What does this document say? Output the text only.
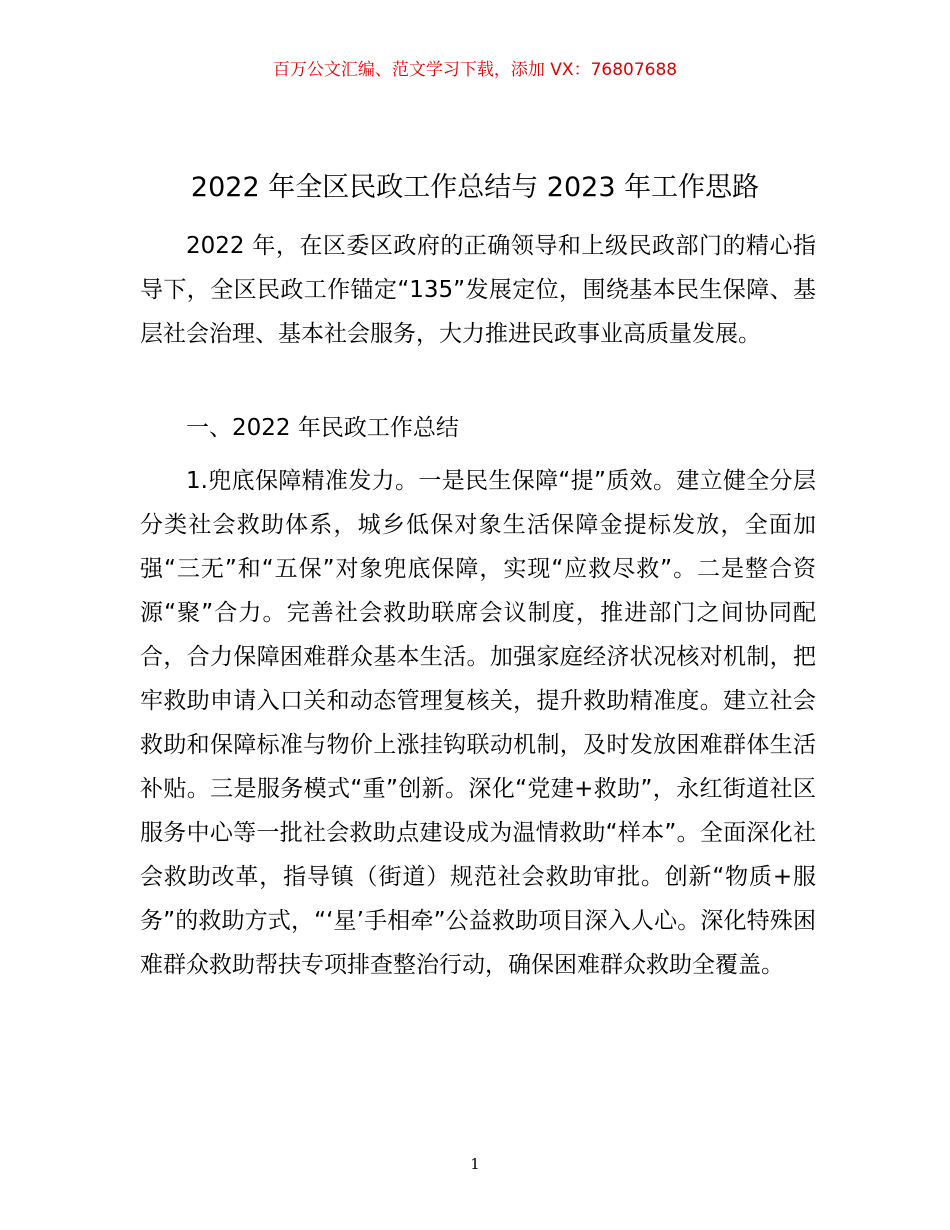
百万公文汇编、范文学习下载，添加 VX：76807688
2022 年全区民政工作总结与 2023 年工作思路

2022 年，在区委区政府的正确领导和上级民政部门的精心指导下，全区民政工作锚定“135”发展定位，围绕基本民生保障、基层社会治理、基本社会服务，大力推进民政事业高质量发展。

一、2022 年民政工作总结

1.兜底保障精准发力。一是民生保障“提”质效。建立健全分层分类社会救助体系，城乡低保对象生活保障金提标发放，全面加强“三无”和“五保”对象兜底保障，实现“应救尽救”。二是整合资源“聚”合力。完善社会救助联席会议制度，推进部门之间协同配合，合力保障困难群众基本生活。加强家庭经济状况核对机制，把牢救助申请入口关和动态管理复核关，提升救助精准度。建立社会救助和保障标准与物价上涨挂钩联动机制，及时发放困难群体生活补贴。三是服务模式“重”创新。深化“党建+救助”，永红街道社区服务中心等一批社会救助点建设成为温情救助“样本”。全面深化社会救助改革，指导镇（街道）规范社会救助审批。创新“物质+服务”的救助方式，“‘星’手相牵”公益救助项目深入人心。深化特殊困难群众救助帮扶专项排查整治行动，确保困难群众救助全覆盖。

1
